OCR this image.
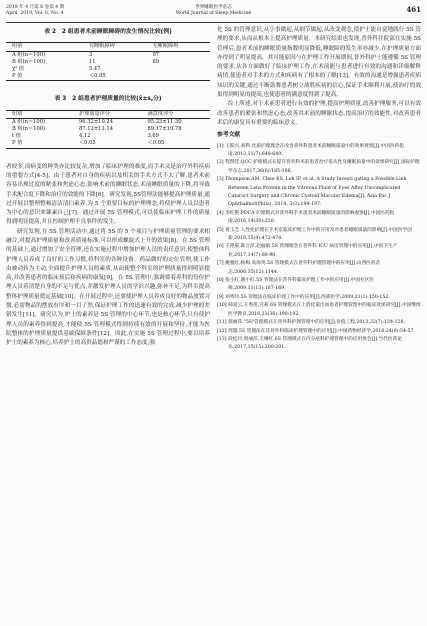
2019 年 4 月第 6 卷第 4 期
April. 2019, Vol. 6, No. 4
世界睡眠医学杂志
World Journal of Sleep Medicine	461
表 2　2 组患者术前睡眠障碍的发生情况比较(例)
组别	有睡眠障碍	无睡眠障碍
A 组(n＝100)	3	97
B 组(n＝100)	11	89
χ² 值	5.47	
P 值	＜0.05	
表 3　2 组患者护理质量的比较(x̄±s,分)
组别	护理质量评分	满意度评分
A 组(n＝100)	96.32±10.24	95.23±11.30
B 组(n＝100)	87.12±11.14	89.17±10.78
t 值	4.12	3.69
P 值	＜0.05	＜0.05

者较多,而病变的种类亦比较复杂,增加了临床护理的难度,而手术又是治疗外科疾病的重要方式[4-5]。由于患者对自身的疾病以及相关的手术方式不太了解,患者术前容易出现过度的紧张和焦虑心态,影响术前的睡眠状态,术前睡眠质量的下降,将导致手术配合度下降和治疗的效能的下降[6]。研究发现,5S管理法能够提高护理质量,通过开展以整理整顿清洁清扫素养,为 5 个重要目标的护理理念,将使护理人员以患者为中心的意识来臻素自己[7]。通过开展 5S 管理模式,可以使临床护理工作的质量得到明显提高,并且控制护理不良事件的发生。

研究发现,在 5S 管理活动中,通过将 5S 的 5 个项目与护理质量管理的要求相融合,对提高护理质量和改善质量标准,可以形成螺旋式上升的效果[8]。在 5S 管理的基础上,通过增加了安全管理,还在实施过程中增加护理人员的责任意识,使整体科护理人员养成了良好的工作习惯,将科室的各种设备、药品做好的定位管理,使工作由被动转为主动,全面提升护理人员的素质,从而使整个科室的护理质量得到明显提高,并改善患者的临床预后和疾病的康复[9]。在 5S 管理中,强调要着养科的每位护理人员着清楚自身的不足与优点,并激发护理人员的学识兴趣,弥补不足,为科室提高整体护理质量奠定基础[10]。在开展过程中,还要使护理人员养成良好的物品放置习惯,必需物品的摆放有序和一目了然,保证护理工作的迅速有效的完成,减少护理的差错发生[11]。研究认为,护士的素养是 5S 管理的中心环节,也是核心环节,只有使护理人员的素养得到提高,才能使 5S 管理模式得到持续有效的开展和坚持,才能为医院整体的护理质量提供基础保障条件[12]。因此,在实施 5S 管理过程中,要以培养护士的素养为核心,培养护士的高贵品德和严谨的工作态度,强

化 5S 的管理意识,从小事做起,从细节做起,从改变观念,使护士能自觉地践行 5S 管理的要求,从而从根本上提高护理质量。本研究结果也发现,普外科住院部在实施 5S 管理后,患者术前的睡眠质量指数明显降低,睡眠障碍发生率亦减少,在护理质量方面亦得到了明显提高。其可能原因与在护理工作开展期间,普外科护士能遵循 5S 管理的要求,从各方面做好了临床护理工作,在术前能与患者进行有效的沟通和详细解释病情,使患者对手术的方式和疾病有了根本的了解[13]。有效的沟通是增强患者疾病知识的关键,通过不断鼓舞患者树立战胜疾病的信心,保证手术顺利开展,使治疗的效果得到明显的提高,也使患者的满意度得到了提高。

综上所述,对于术前患者进行有效的护理,提高护理质量,改善护理服务,可以有效改善患者的紧张和焦虑心态,改善其术前的睡眠状态,提高治疗的效能性,对改善患者术后的康复具有重要的临床意义。

参考文献
[1] 王跃兴,刘利.优质护理理念在改善普外科患者术前睡眠质量中的效果观察[J].中国医药指南,2013,11(7):648-649.
[2] 程赞佳.QCC 护理模式在提升普外科术前患者治疗依从性及睡眠质量中的效果研究[J].国际护理学杂志,2017,36(6):185-186.
[3] Thompson AM, Chee KS, Loh IP, et al. A Study Investi gating a Possible Link Between Lens Protein in the Vitreous Fluid of Eyes After Uncomplicated Cataract Surgery and Chronic Cystoid Macular Edema[J]. Asia Pac J Ophthalmol(Phila), 2014, 3(3):194-197.
[4] 李红艳.PDCA 护理模式对普外科手术患者术前睡眠质量的影响观察[J].中国医药指南,2016,14(30):250.
[5] 黄玉芝.人性化护理在手术室临床护理工作中的应用及对患者睡眠质量的影响[J].中国医学创新,2018,15(4):472-474.
[6] 王艳菊,陈立萍,赵丽娟.5S 管理理念在普外科 ICU 病房管理中的应用[J].中国卫生产业,2017,14(7):88-90.
[7] 姚雅红,杨梅,高海英.5S 管理模式在普外科护理管理中的应用[J].山西医药杂志,2006,35(12):1144.
[8] 张小红,谢小红.5S 管理法在普外科临床护理工作中的应用[J].中国社区医师,2009,11(13):167-169.
[9] 刘秀玲.5S 管理法在临床护理工作中的应用[J].西部医学,2009,21(1):150-152.
[10] 韩爱云,王秀莲,宫莉.6S 管理模式在上消化道出血患者护理管理中的临床效果研究[J].中国继续医学教育,2016,23(36):190-192.
[11] 蔡丽萍."5S"管理模式在普外科护理管理中的应用[J].价值工程,2013,32(7):124-128.
[12] 周题.5S 管理法在其骨外科临床护理管理中的应用[J].中国药物经济学,2016,24(9):54-57.
[13] 段松玲,周丽莎,王琳红.6S 管理模式在内分泌科护理管理中的应用体会[J].当代医药论丛,2017,15(15):200-201.
